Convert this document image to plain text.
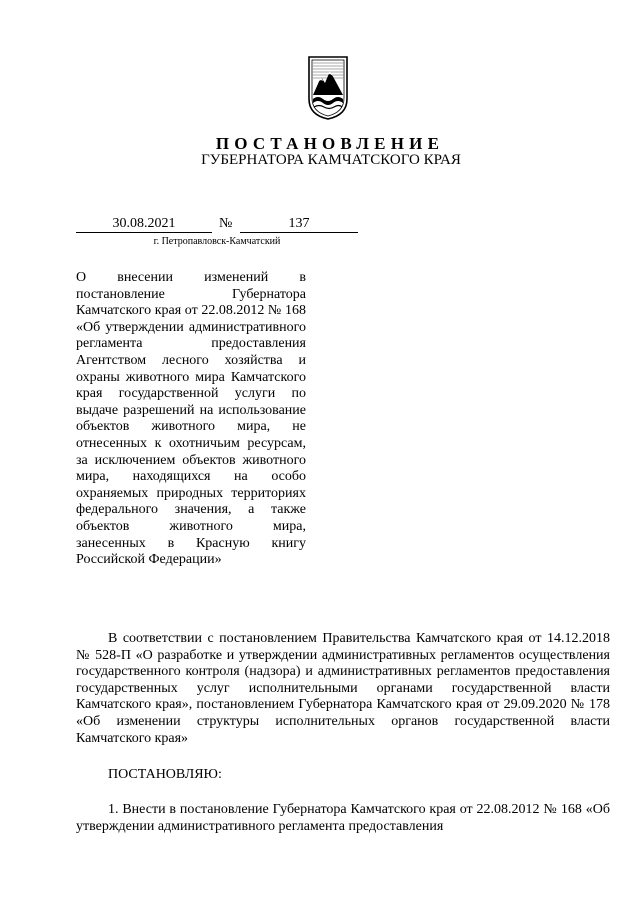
ПОСТАНОВЛЕНИЕ
ГУБЕРНАТОРА КАМЧАТСКОГО КРАЯ
30.08.2021	№	137
г. Петропавловск-Камчатский
О внесении изменений в постановление Губернатора Камчатского края от 22.08.2012 № 168 «Об утверждении административного регламента предоставления Агентством лесного хозяйства и охраны животного мира Камчатского края государственной услуги по выдаче разрешений на использование объектов животного мира, не отнесенных к охотничьим ресурсам, за исключением объектов животного мира, находящихся на особо охраняемых природных территориях федерального значения, а также объектов животного мира, занесенных в Красную книгу Российской Федерации»
В соответствии с постановлением Правительства Камчатского края от 14.12.2018 № 528-П «О разработке и утверждении административных регламентов осуществления государственного контроля (надзора) и административных регламентов предоставления государственных услуг исполнительными органами государственной власти Камчатского края», постановлением Губернатора Камчатского края от 29.09.2020 № 178 «Об изменении структуры исполнительных органов государственной власти Камчатского края»
ПОСТАНОВЛЯЮ:
1. Внести в постановление Губернатора Камчатского края от 22.08.2012 № 168 «Об утверждении административного регламента предоставления
